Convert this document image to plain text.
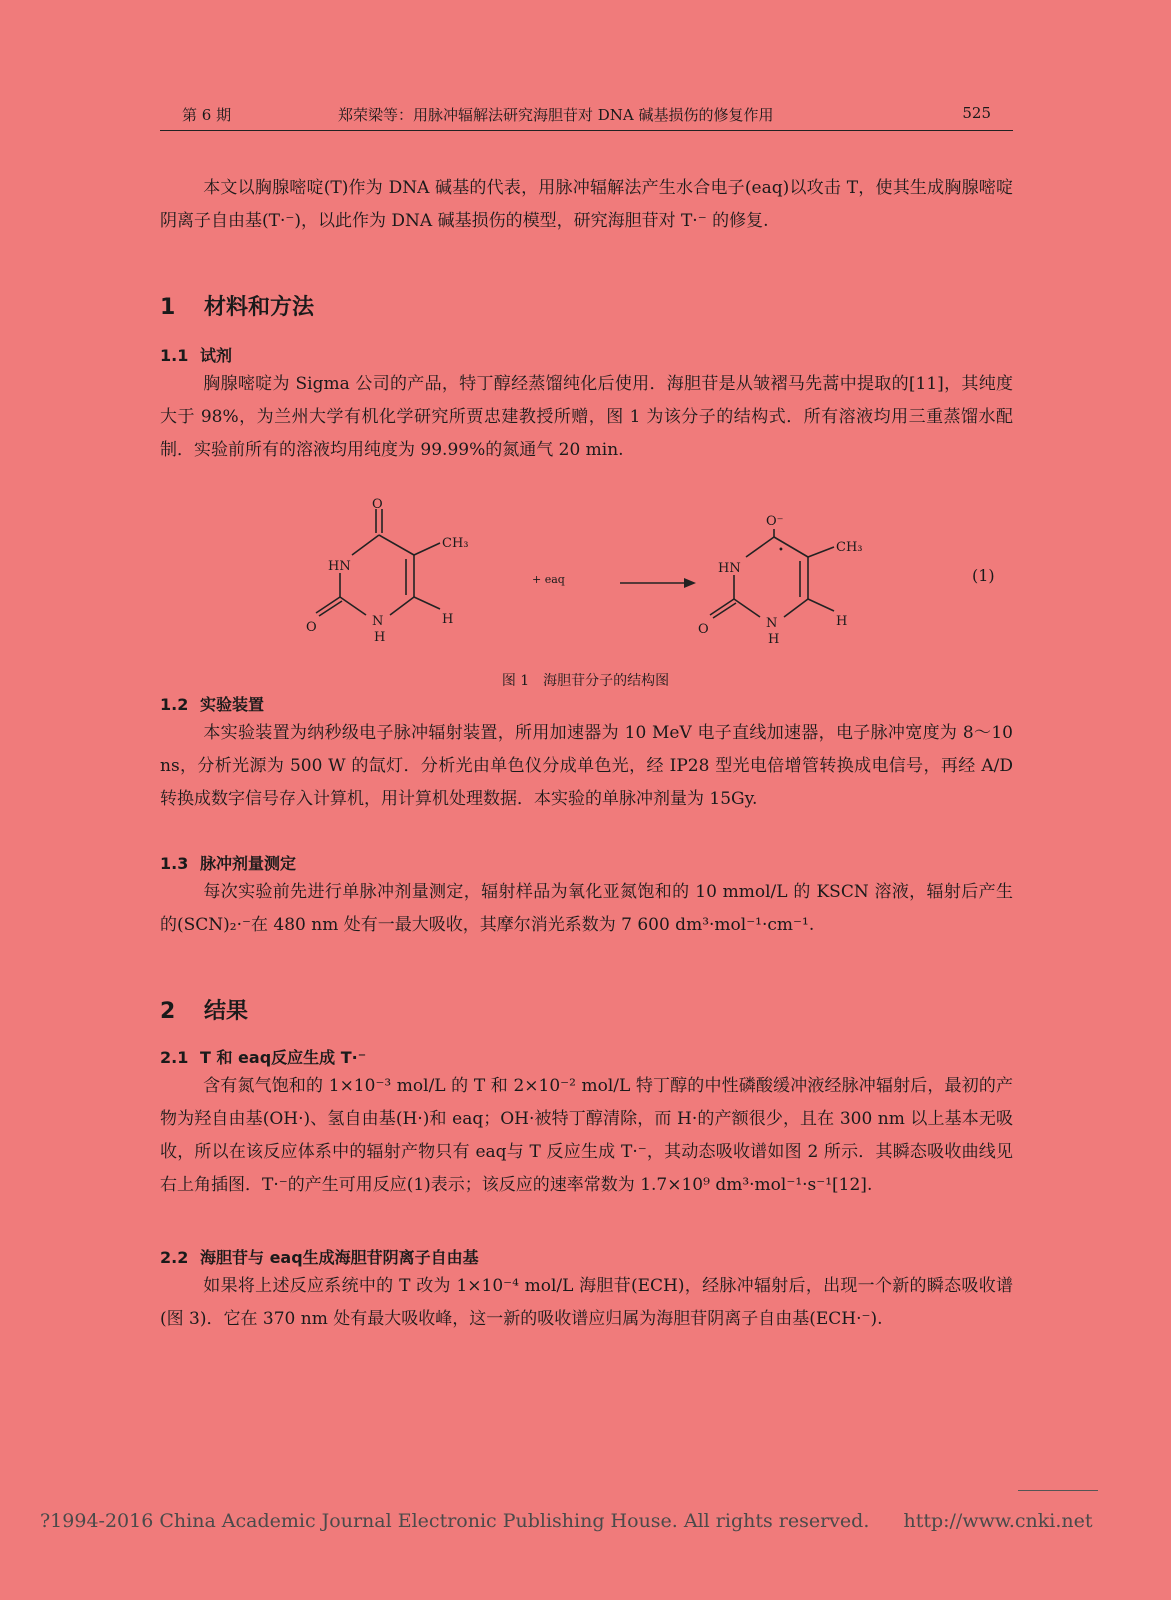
第 6 期	郑荣梁等：用脉冲辐解法研究海胆苷对 DNA 碱基损伤的修复作用	525
本文以胸腺嘧啶(T)作为 DNA 碱基的代表，用脉冲辐解法产生水合电子(eaq)以攻击 T，使其生成胸腺嘧啶阴离子自由基(T·⁻)，以此作为 DNA 碱基损伤的模型，研究海胆苷对 T·⁻ 的修复.
1 材料和方法
1.1 试剂
胸腺嘧啶为 Sigma 公司的产品，特丁醇经蒸馏纯化后使用．海胆苷是从皱褶马先蒿中提取的[11]，其纯度大于 98%，为兰州大学有机化学研究所贾忠建教授所赠，图 1 为该分子的结构式．所有溶液均用三重蒸馏水配制．实验前所有的溶液均用纯度为 99.99%的氮通气 20 min.
O
CH₃
HN
O	N
H
H
+ eaq
O⁻
•	CH₃
HN
O	N
H
H
(1)
图 1　海胆苷分子的结构图
1.2 实验装置
本实验装置为纳秒级电子脉冲辐射装置，所用加速器为 10 MeV 电子直线加速器，电子脉冲宽度为 8～10 ns，分析光源为 500 W 的氙灯．分析光由单色仪分成单色光，经 IP28 型光电倍增管转换成电信号，再经 A/D 转换成数字信号存入计算机，用计算机处理数据．本实验的单脉冲剂量为 15Gy.
1.3 脉冲剂量测定
每次实验前先进行单脉冲剂量测定，辐射样品为氧化亚氮饱和的 10 mmol/L 的 KSCN 溶液，辐射后产生的(SCN)₂·⁻在 480 nm 处有一最大吸收，其摩尔消光系数为 7 600 dm³·mol⁻¹·cm⁻¹.
2 结果
2.1 T 和 eaq反应生成 T·⁻
含有氮气饱和的 1×10⁻³ mol/L 的 T 和 2×10⁻² mol/L 特丁醇的中性磷酸缓冲液经脉冲辐射后，最初的产物为羟自由基(OH·)、氢自由基(H·)和 eaq；OH·被特丁醇清除，而 H·的产额很少，且在 300 nm 以上基本无吸收，所以在该反应体系中的辐射产物只有 eaq与 T 反应生成 T·⁻，其动态吸收谱如图 2 所示．其瞬态吸收曲线见右上角插图．T·⁻的产生可用反应(1)表示；该反应的速率常数为 1.7×10⁹ dm³·mol⁻¹·s⁻¹[12].
2.2 海胆苷与 eaq生成海胆苷阴离子自由基
如果将上述反应系统中的 T 改为 1×10⁻⁴ mol/L 海胆苷(ECH)，经脉冲辐射后，出现一个新的瞬态吸收谱(图 3)．它在 370 nm 处有最大吸收峰，这一新的吸收谱应归属为海胆苷阴离子自由基(ECH·⁻).
?1994-2016 China Academic Journal Electronic Publishing House. All rights reserved. http://www.cnki.net
